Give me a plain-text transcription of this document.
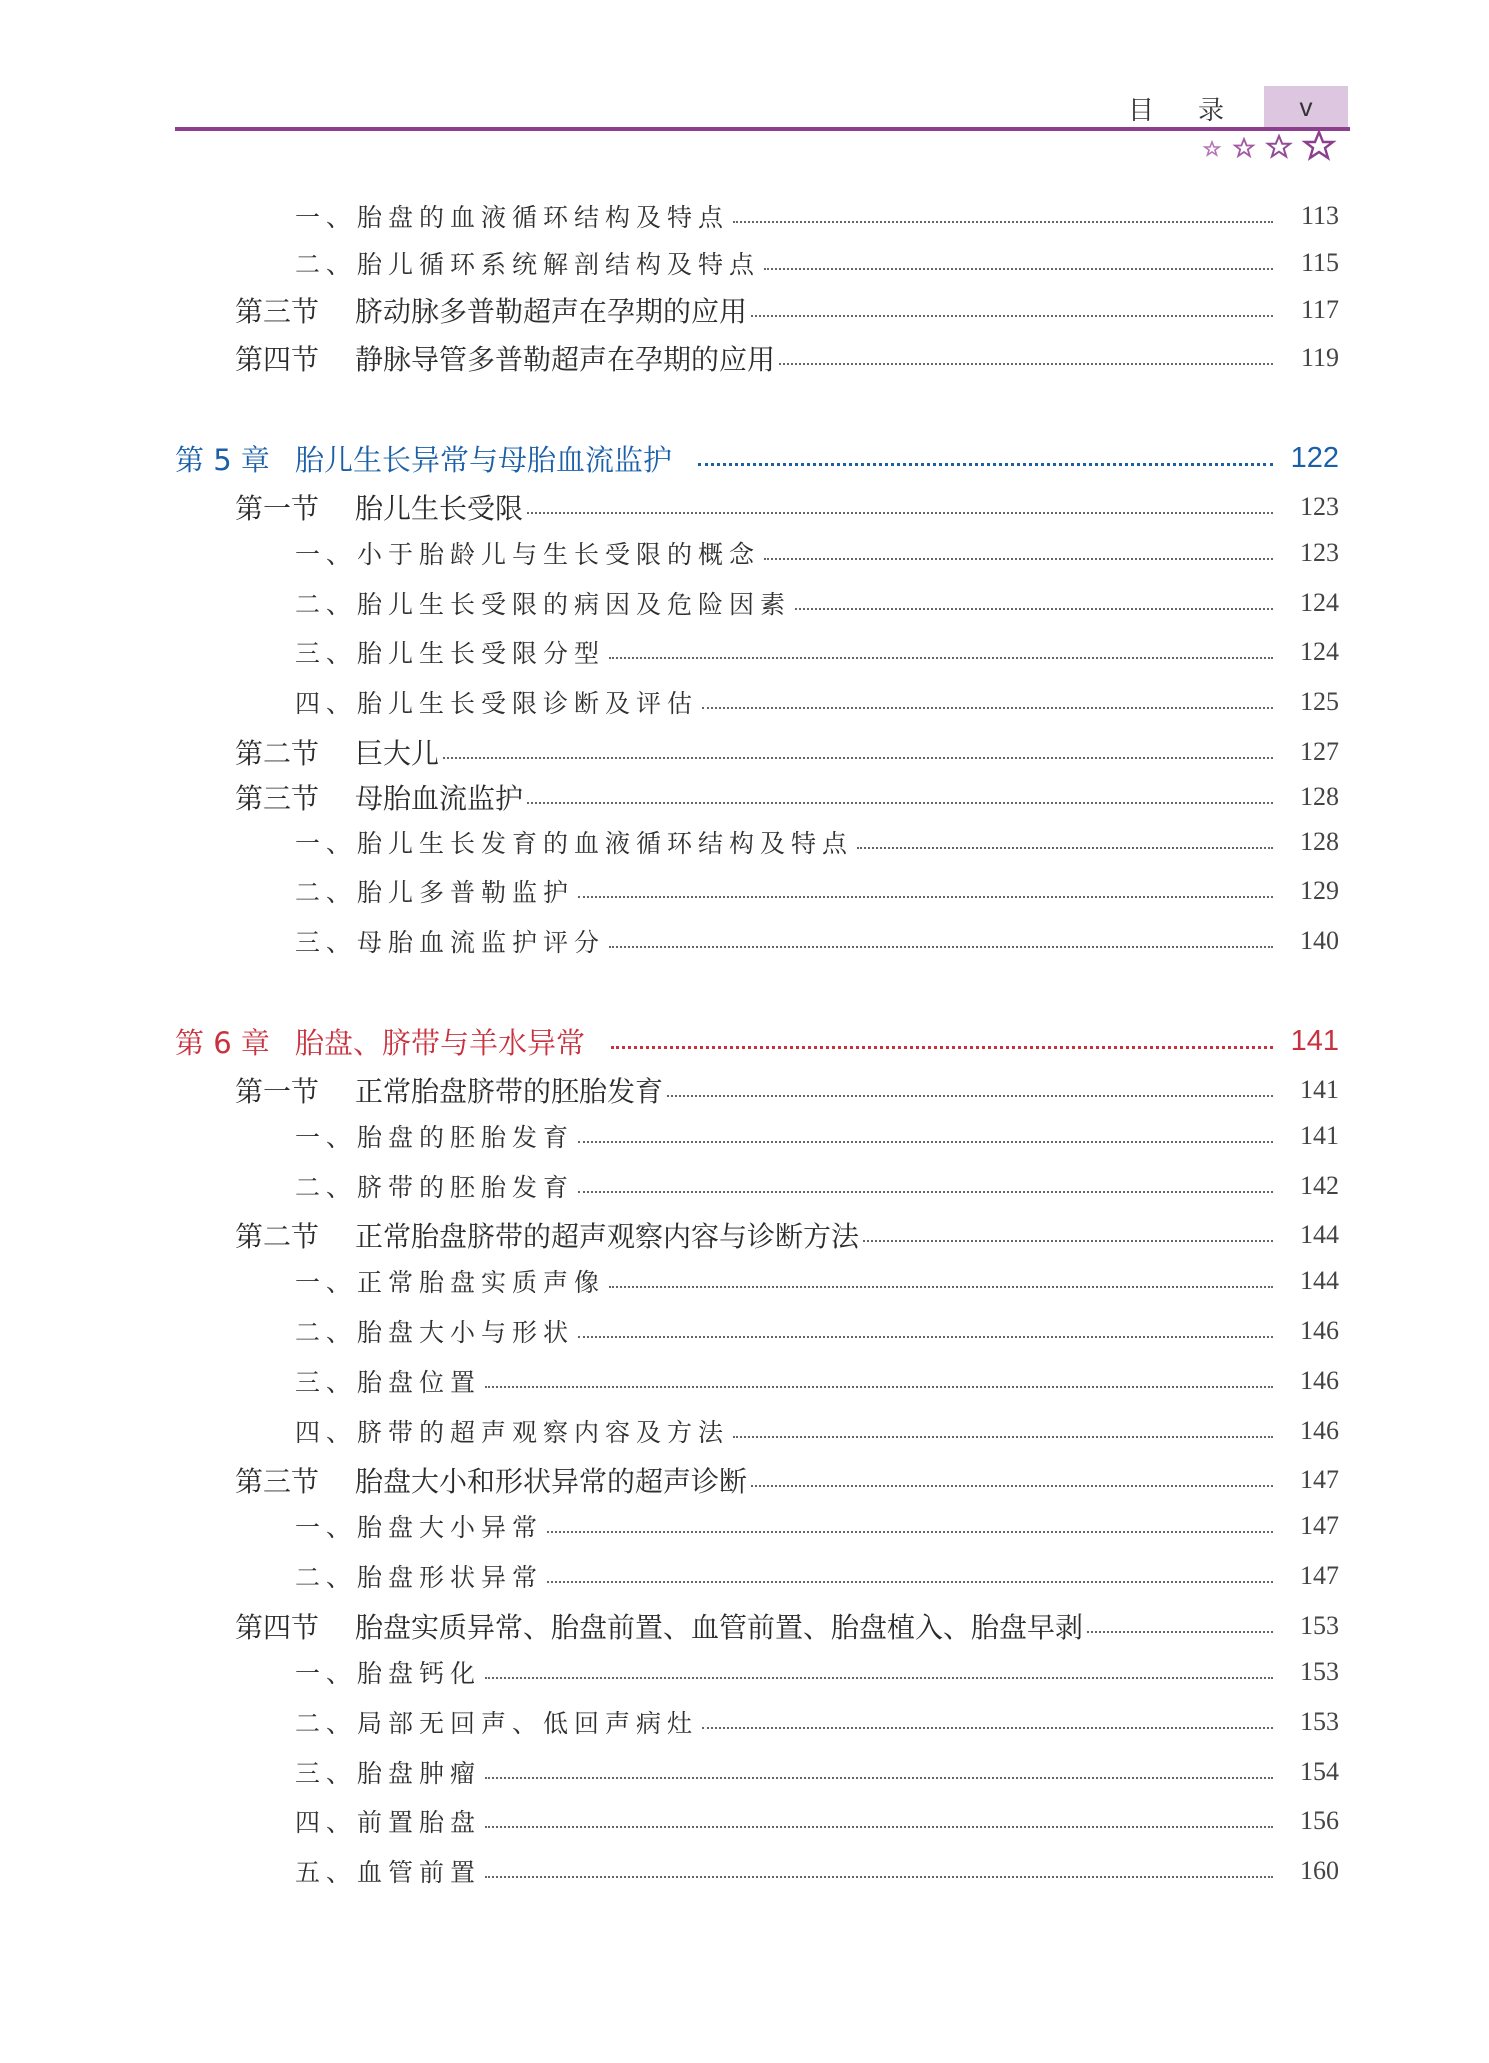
目 录	v
一、胎盘的血液循环结构及特点	113
二、胎儿循环系统解剖结构及特点	115
第三节	脐动脉多普勒超声在孕期的应用	117
第四节	静脉导管多普勒超声在孕期的应用	119
第 5 章 胎儿生长异常与母胎血流监护	122
第一节	胎儿生长受限	123
一、小于胎龄儿与生长受限的概念	123
二、胎儿生长受限的病因及危险因素	124
三、胎儿生长受限分型	124
四、胎儿生长受限诊断及评估	125
第二节	巨大儿	127
第三节	母胎血流监护	128
一、胎儿生长发育的血液循环结构及特点	128
二、胎儿多普勒监护	129
三、母胎血流监护评分	140
第 6 章 胎盘、脐带与羊水异常	141
第一节	正常胎盘脐带的胚胎发育	141
一、胎盘的胚胎发育	141
二、脐带的胚胎发育	142
第二节	正常胎盘脐带的超声观察内容与诊断方法	144
一、正常胎盘实质声像	144
二、胎盘大小与形状	146
三、胎盘位置	146
四、脐带的超声观察内容及方法	146
第三节	胎盘大小和形状异常的超声诊断	147
一、胎盘大小异常	147
二、胎盘形状异常	147
第四节	胎盘实质异常、胎盘前置、血管前置、胎盘植入、胎盘早剥	153
一、胎盘钙化	153
二、局部无回声、低回声病灶	153
三、胎盘肿瘤	154
四、前置胎盘	156
五、血管前置	160
